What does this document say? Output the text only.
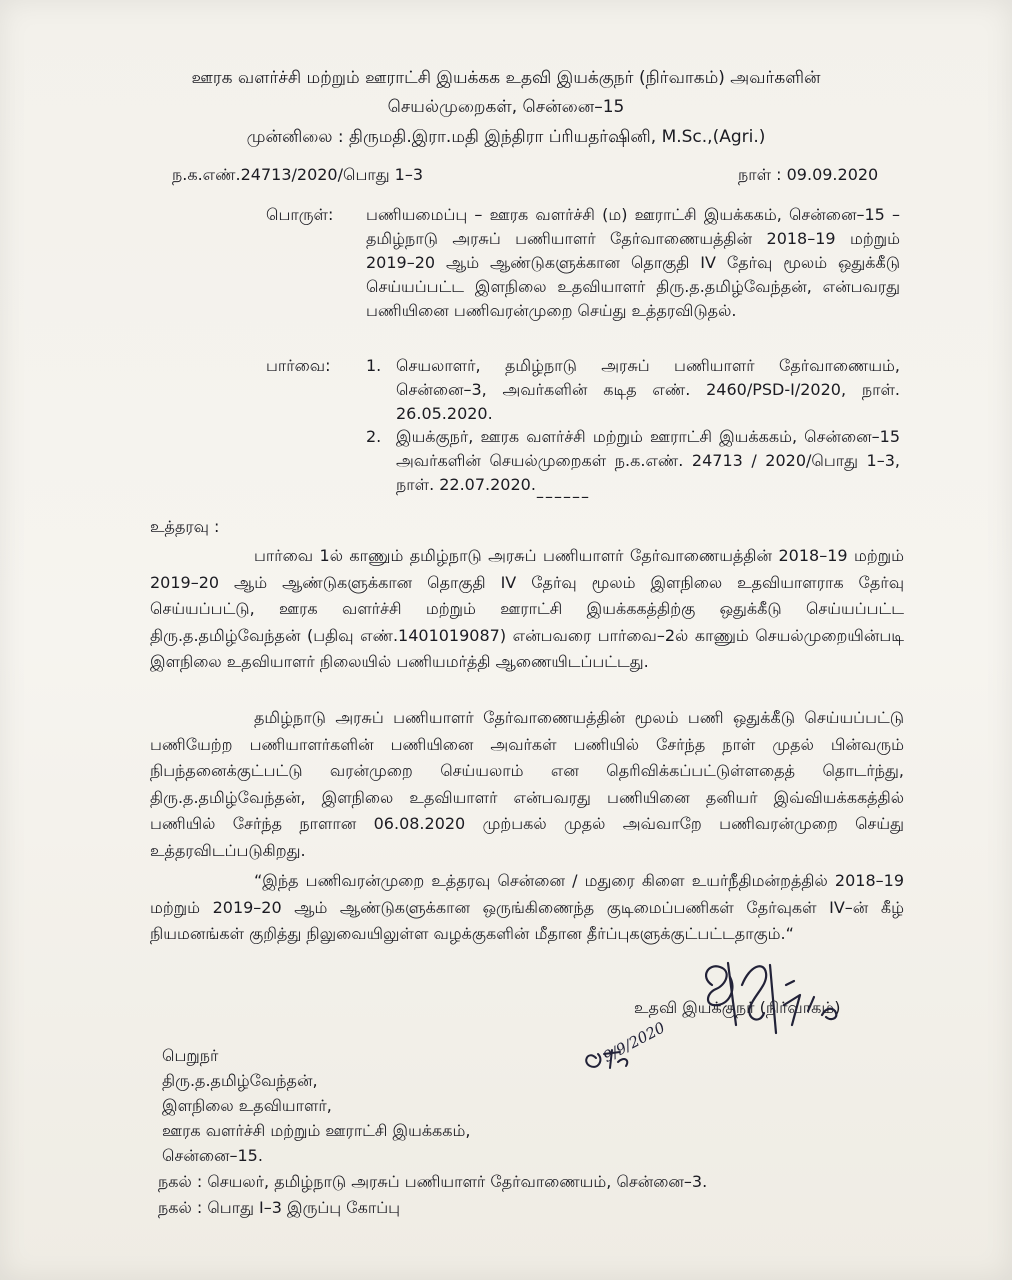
ஊரக வளர்ச்சி மற்றும் ஊராட்சி இயக்கக உதவி இயக்குநர் (நிர்வாகம்) அவர்களின்
செயல்முறைகள், சென்னை–15
முன்னிலை : திருமதி.இரா.மதி இந்திரா ப்ரியதர்ஷினி, M.Sc.,(Agri.)
ந.க.எண்.24713/2020/பொது 1–3	நாள் : 09.09.2020
பொருள்: பணியமைப்பு – ஊரக வளர்ச்சி (ம) ஊராட்சி இயக்ககம், சென்னை–15 – தமிழ்நாடு அரசுப் பணியாளர் தேர்வாணையத்தின் 2018–19 மற்றும் 2019–20 ஆம் ஆண்டுகளுக்கான தொகுதி IV தேர்வு மூலம் ஒதுக்கீடு செய்யப்பட்ட இளநிலை உதவியாளர் திரு.த.தமிழ்வேந்தன், என்பவரது பணியினை பணிவரன்முறை செய்து உத்தரவிடுதல்.
பார்வை: 1. செயலாளர், தமிழ்நாடு அரசுப் பணியாளர் தேர்வாணையம், சென்னை–3, அவர்களின் கடித எண். 2460/PSD-I/2020, நாள். 26.05.2020.
2. இயக்குநர், ஊரக வளர்ச்சி மற்றும் ஊராட்சி இயக்ககம், சென்னை–15 அவர்களின் செயல்முறைகள் ந.க.எண். 24713 / 2020/பொது 1–3, நாள். 22.07.2020.
––––––
உத்தரவு :
பார்வை 1ல் காணும் தமிழ்நாடு அரசுப் பணியாளர் தேர்வாணையத்தின் 2018–19 மற்றும் 2019–20 ஆம் ஆண்டுகளுக்கான தொகுதி IV தேர்வு மூலம் இளநிலை உதவியாளராக தேர்வு செய்யப்பட்டு, ஊரக வளர்ச்சி மற்றும் ஊராட்சி இயக்ககத்திற்கு ஒதுக்கீடு செய்யப்பட்ட திரு.த.தமிழ்வேந்தன் (பதிவு எண்.1401019087) என்பவரை பார்வை–2ல் காணும் செயல்முறையின்படி இளநிலை உதவியாளர் நிலையில் பணியமர்த்தி ஆணையிடப்பட்டது.
தமிழ்நாடு அரசுப் பணியாளர் தேர்வாணையத்தின் மூலம் பணி ஒதுக்கீடு செய்யப்பட்டு பணியேற்ற பணியாளர்களின் பணியினை அவர்கள் பணியில் சேர்ந்த நாள் முதல் பின்வரும் நிபந்தனைக்குட்பட்டு வரன்முறை செய்யலாம் என தெரிவிக்கப்பட்டுள்ளதைத் தொடர்ந்து, திரு.த.தமிழ்வேந்தன், இளநிலை உதவியாளர் என்பவரது பணியினை தனியர் இவ்வியக்ககத்தில் பணியில் சேர்ந்த நாளான 06.08.2020 முற்பகல் முதல் அவ்வாறே பணிவரன்முறை செய்து உத்தரவிடப்படுகிறது.
“இந்த பணிவரன்முறை உத்தரவு சென்னை / மதுரை கிளை உயர்நீதிமன்றத்தில் 2018–19 மற்றும் 2019–20 ஆம் ஆண்டுகளுக்கான ஒருங்கிணைந்த குடிமைப்பணிகள் தேர்வுகள் IV–ன் கீழ் நியமனங்கள் குறித்து நிலுவையிலுள்ள வழக்குகளின் மீதான தீர்ப்புகளுக்குட்பட்டதாகும்.“
உதவி இயக்குநர் (நிர்வாகம்)
9/9/2020
பெறுநர்
திரு.த.தமிழ்வேந்தன்,
இளநிலை உதவியாளர்,
ஊரக வளர்ச்சி மற்றும் ஊராட்சி இயக்ககம்,
சென்னை–15.
நகல் : செயலர், தமிழ்நாடு அரசுப் பணியாளர் தேர்வாணையம், சென்னை–3.
நகல் : பொது I–3 இருப்பு கோப்பு
